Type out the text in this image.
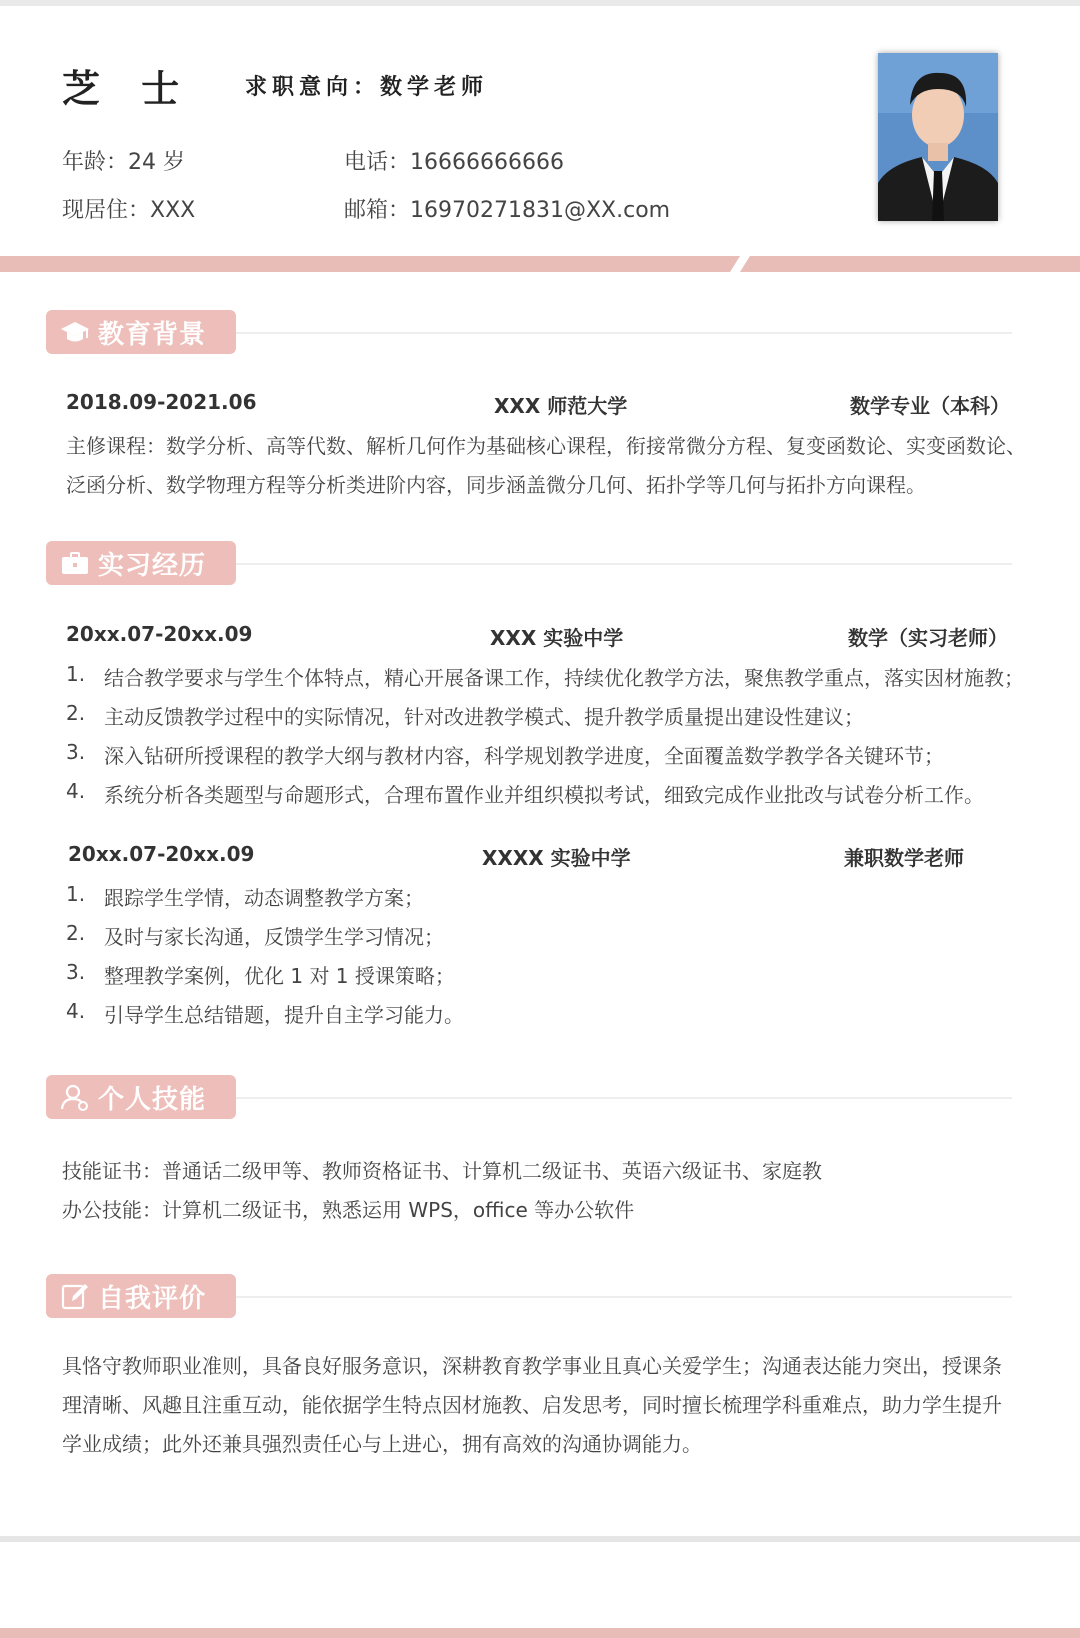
芝 士 求职意向：数学老师
年龄：24 岁	电话：16666666666
现居住：XXX	邮箱：16970271831@XX.com
教育背景
2018.09-2021.06	XXX 师范大学	数学专业（本科）
主修课程：数学分析、高等代数、解析几何作为基础核心课程，衔接常微分方程、复变函数论、实变函数论、
泛函分析、数学物理方程等分析类进阶内容，同步涵盖微分几何、拓扑学等几何与拓扑方向课程。
实习经历
20xx.07-20xx.09	XXX 实验中学	数学（实习老师）
1. 结合教学要求与学生个体特点，精心开展备课工作，持续优化教学方法，聚焦教学重点，落实因材施教；
2. 主动反馈教学过程中的实际情况，针对改进教学模式、提升教学质量提出建设性建议；
3. 深入钻研所授课程的教学大纲与教材内容，科学规划教学进度，全面覆盖数学教学各关键环节；
4. 系统分析各类题型与命题形式，合理布置作业并组织模拟考试，细致完成作业批改与试卷分析工作。
20xx.07-20xx.09	XXXX 实验中学	兼职数学老师
1. 跟踪学生学情，动态调整教学方案；
2. 及时与家长沟通，反馈学生学习情况；
3. 整理教学案例，优化 1 对 1 授课策略；
4. 引导学生总结错题，提升自主学习能力。
个人技能
技能证书：普通话二级甲等、教师资格证书、计算机二级证书、英语六级证书、家庭教
办公技能：计算机二级证书，熟悉运用 WPS，office 等办公软件
自我评价
具恪守教师职业准则，具备良好服务意识，深耕教育教学事业且真心关爱学生；沟通表达能力突出，授课条
理清晰、风趣且注重互动，能依据学生特点因材施教、启发思考，同时擅长梳理学科重难点，助力学生提升
学业成绩；此外还兼具强烈责任心与上进心，拥有高效的沟通协调能力。
